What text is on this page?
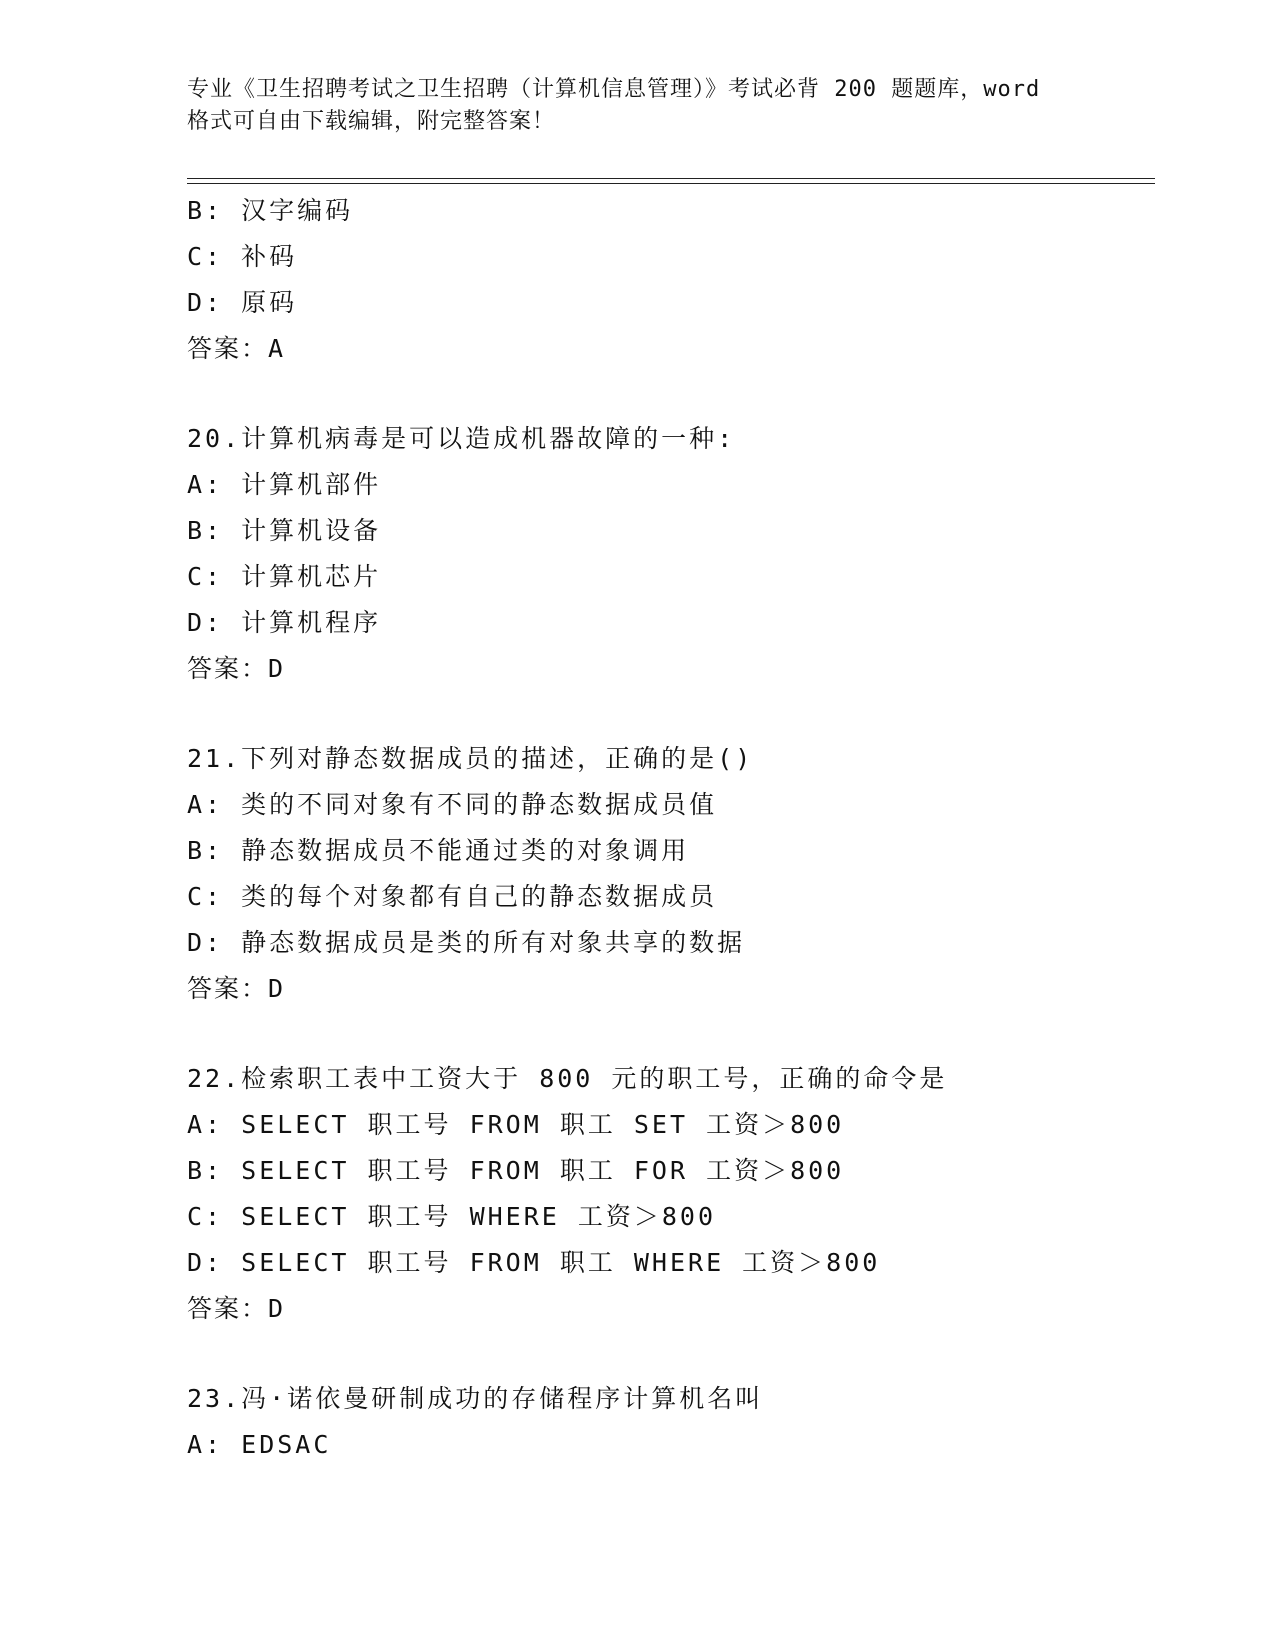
专业《卫生招聘考试之卫生招聘（计算机信息管理）》考试必背 200 题题库，word
格式可自由下载编辑，附完整答案！
B: 汉字编码
C: 补码
D: 原码
答案：A
20.计算机病毒是可以造成机器故障的一种:
A: 计算机部件
B: 计算机设备
C: 计算机芯片
D: 计算机程序
答案：D
21.下列对静态数据成员的描述，正确的是()
A: 类的不同对象有不同的静态数据成员值
B: 静态数据成员不能通过类的对象调用
C: 类的每个对象都有自己的静态数据成员
D: 静态数据成员是类的所有对象共享的数据
答案：D
22.检索职工表中工资大于 800 元的职工号，正确的命令是
A: SELECT 职工号 FROM 职工 SET 工资＞800
B: SELECT 职工号 FROM 职工 FOR 工资＞800
C: SELECT 职工号 WHERE 工资＞800
D: SELECT 职工号 FROM 职工 WHERE 工资＞800
答案：D
23.冯·诺依曼研制成功的存储程序计算机名叫
A: EDSAC
